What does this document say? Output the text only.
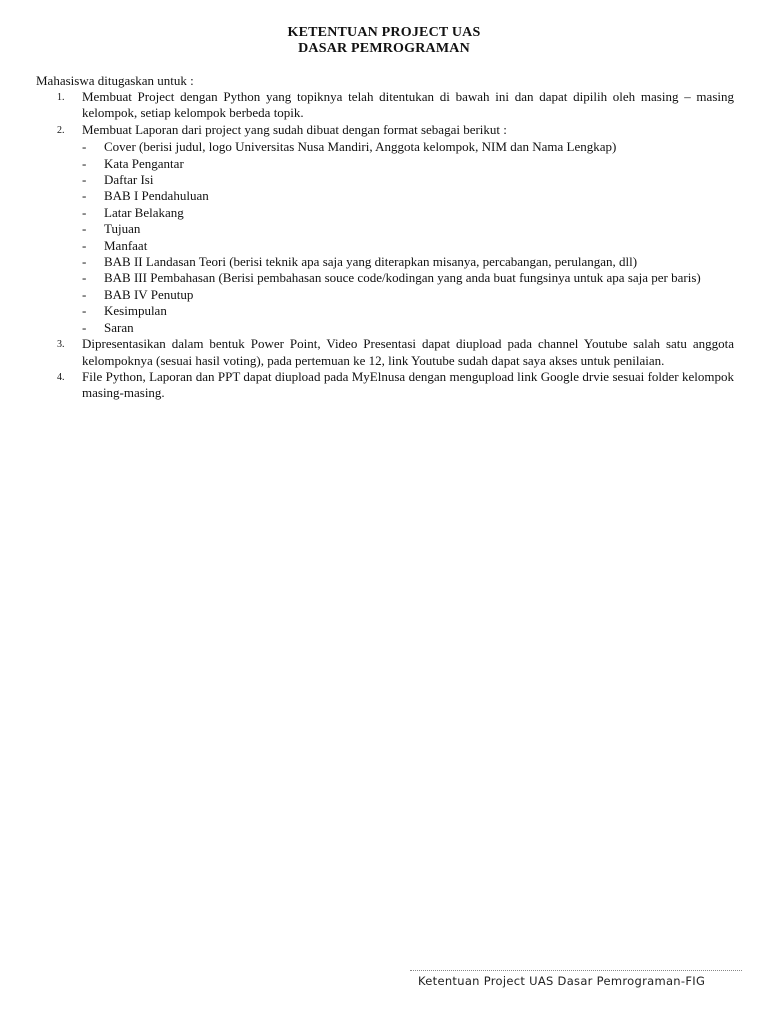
KETENTUAN PROJECT UAS
DASAR PEMROGRAMAN
Mahasiswa ditugaskan untuk :
1. Membuat Project dengan Python yang topiknya telah ditentukan di bawah ini dan dapat dipilih oleh masing – masing kelompok, setiap kelompok berbeda topik.
2. Membuat Laporan dari project yang sudah dibuat dengan format sebagai berikut :
- Cover (berisi judul, logo Universitas Nusa Mandiri, Anggota kelompok, NIM dan Nama Lengkap)
- Kata Pengantar
- Daftar Isi
- BAB I Pendahuluan
- Latar Belakang
- Tujuan
- Manfaat
- BAB II Landasan Teori (berisi teknik apa saja yang diterapkan misanya, percabangan, perulangan, dll)
- BAB III Pembahasan (Berisi pembahasan souce code/kodingan yang anda buat fungsinya untuk apa saja per baris)
- BAB IV Penutup
- Kesimpulan
- Saran
3. Dipresentasikan dalam bentuk Power Point, Video Presentasi dapat diupload pada channel Youtube salah satu anggota kelompoknya (sesuai hasil voting), pada pertemuan ke 12, link Youtube sudah dapat saya akses untuk penilaian.
4. File Python, Laporan dan PPT dapat diupload pada MyElnusa dengan mengupload link Google drvie sesuai folder kelompok masing-masing.
Ketentuan Project UAS Dasar Pemrograman-FIG
